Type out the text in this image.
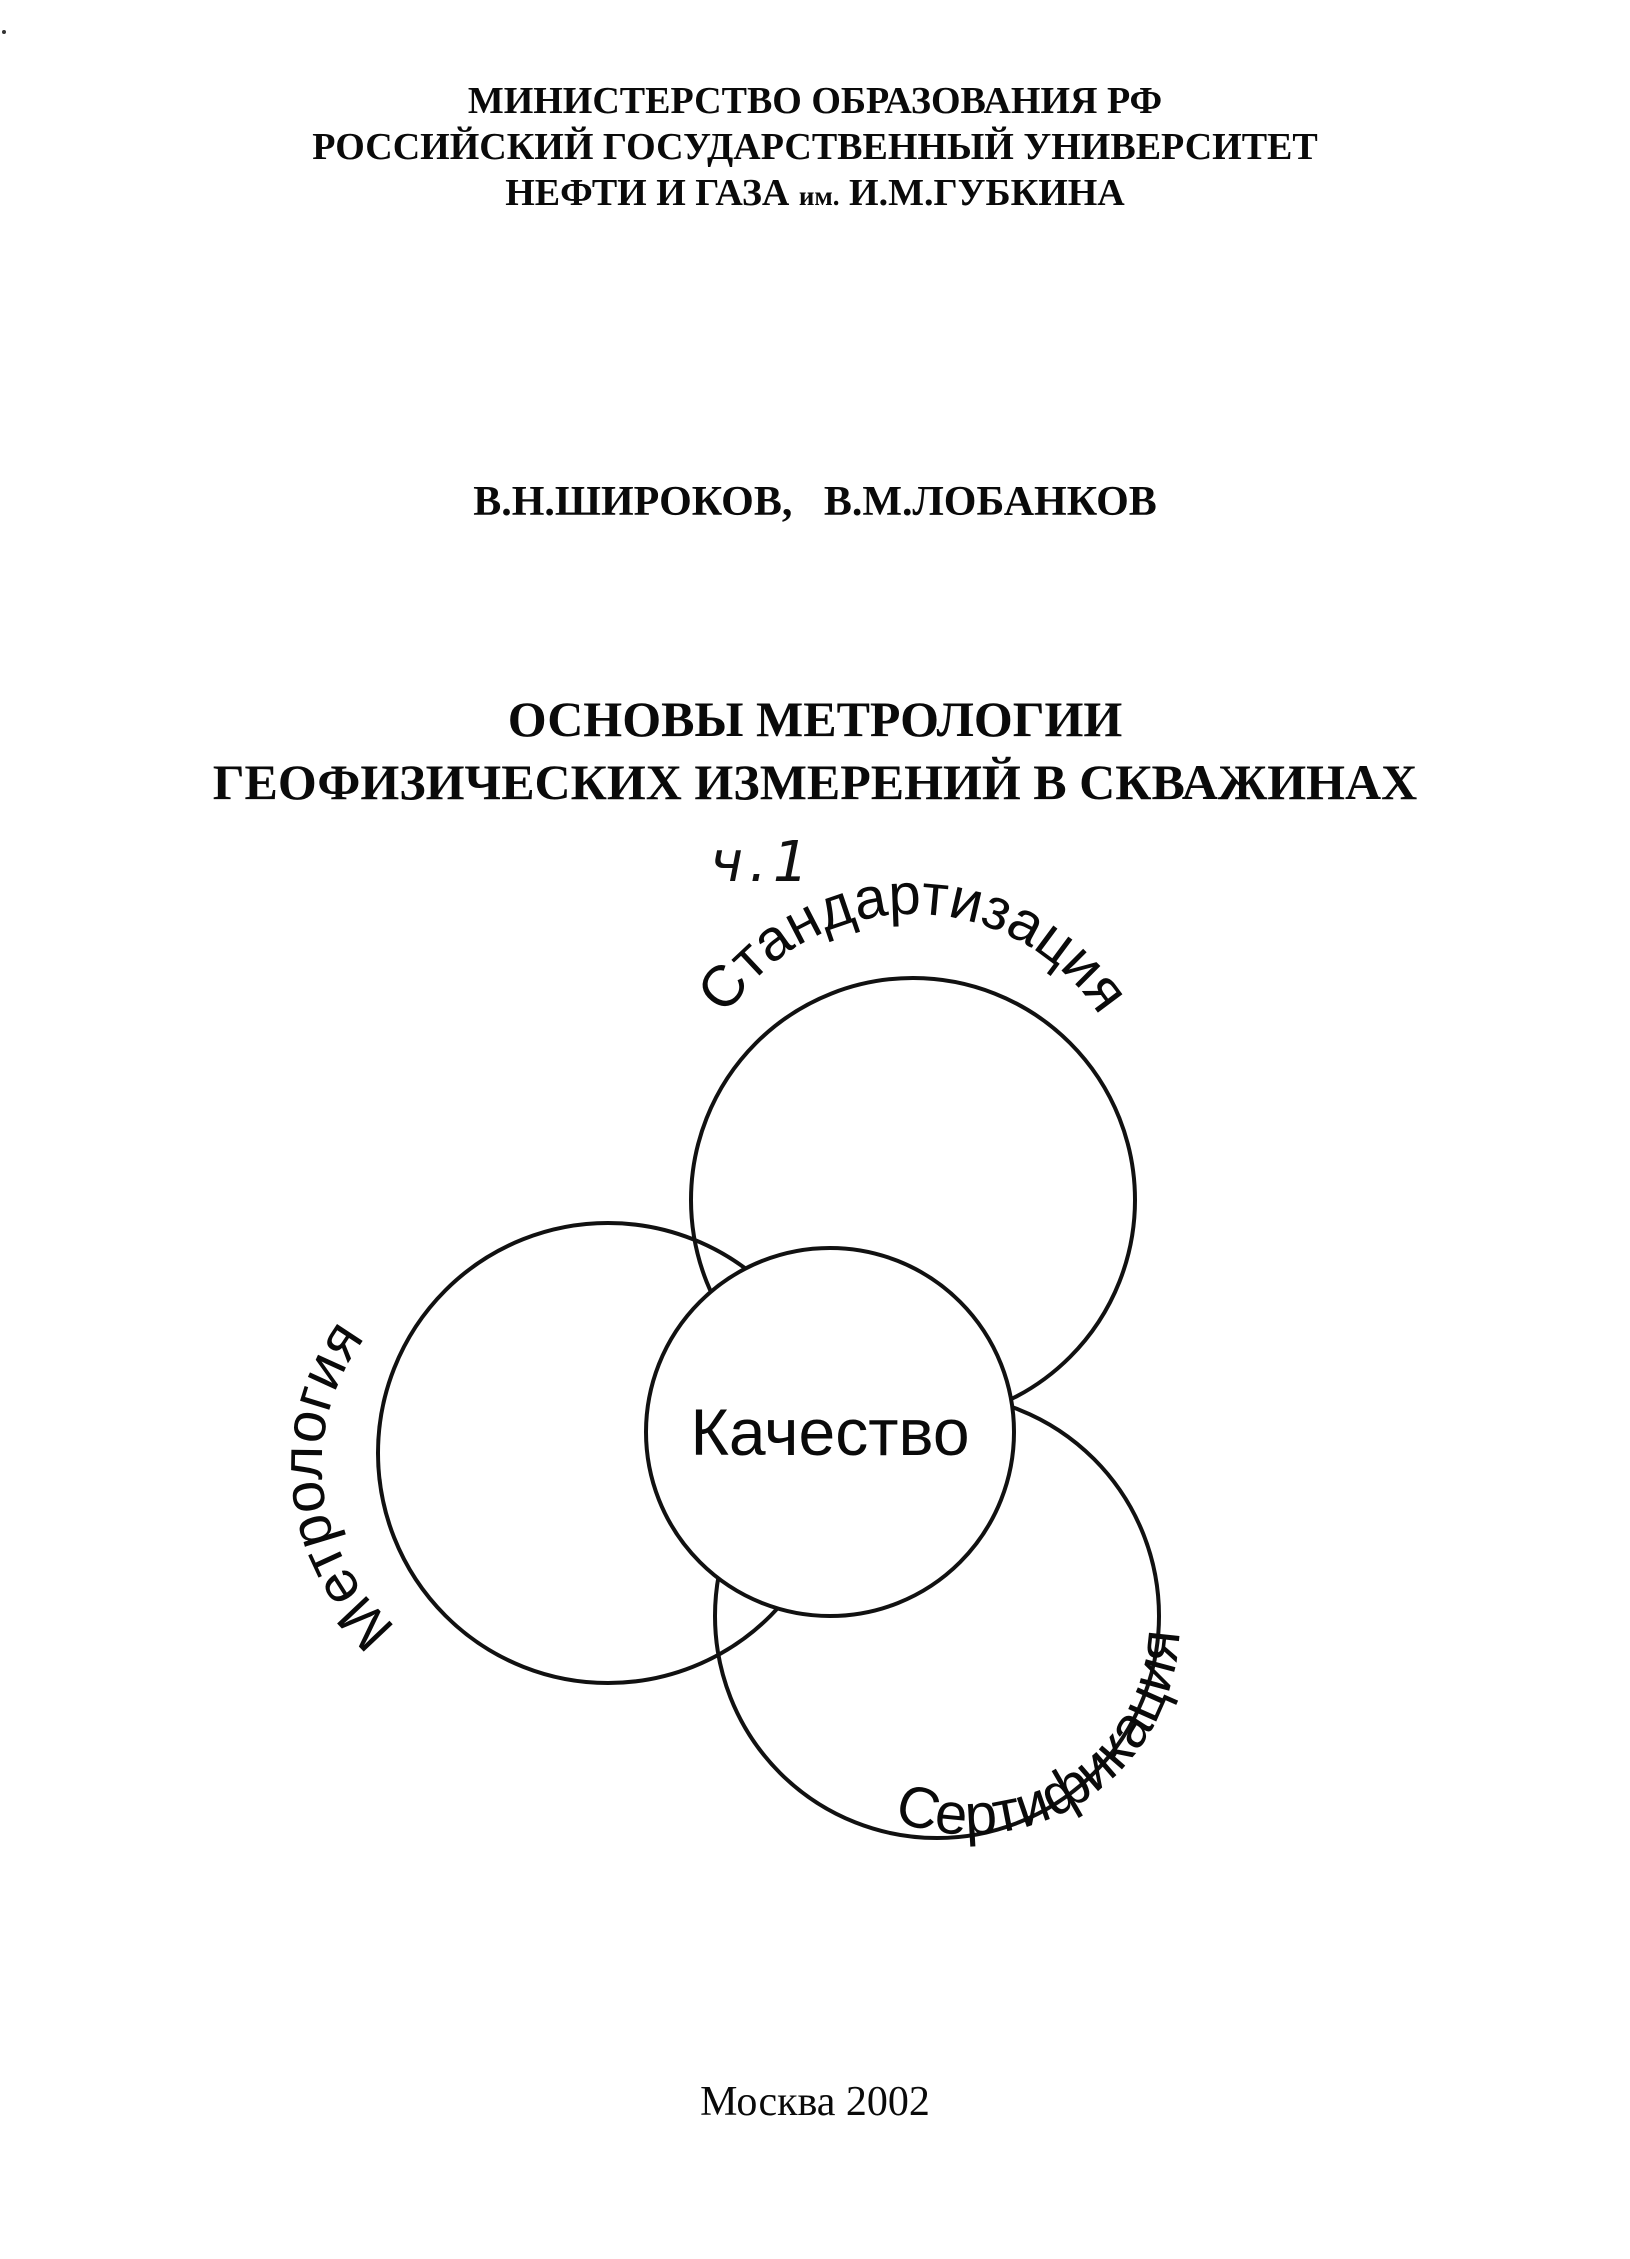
МИНИСТЕРСТВО ОБРАЗОВАНИЯ РФ
РОССИЙСКИЙ ГОСУДАРСТВЕННЫЙ УНИВЕРСИТЕТ
НЕФТИ И ГАЗА им. И.М.ГУБКИНА
В.Н.ШИРОКОВ, В.М.ЛОБАНКОВ
ОСНОВЫ МЕТРОЛОГИИ
ГЕОФИЗИЧЕСКИХ ИЗМЕРЕНИЙ В СКВАЖИНАХ
ч.1
Качество
Стандартизация
Метрология
Сертификация
Москва 2002
